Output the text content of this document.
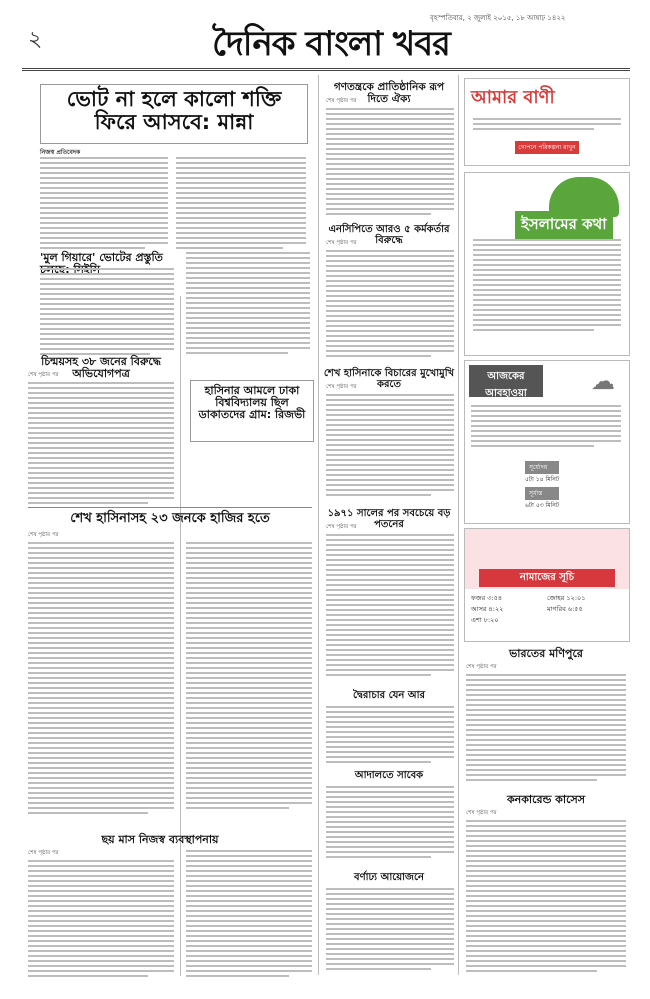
২
বৃহস্পতিবার, ২ জুলাই ২০১৫, ১৮ আষাঢ় ১৪২২
দৈনিক বাংলা খবর
ভোট না হলে কালো শক্তি
ফিরে আসবে: মান্না
নিজস্ব প্রতিবেদক
'মুল গিয়ারে' ভোটের প্রস্তুতি
হাসিনার আমলে ঢাকা বিশ্ববিদ্যালয় ছিল ডাকাতদের গ্রাম: রিজভী
চিন্ময়সহ ৩৮ জনের বিরুদ্ধে অভিযোগপত্র
শেষ পৃষ্ঠার পর
শেখ হাসিনাসহ ২৩ জনকে হাজির হতে
শেষ পৃষ্ঠার পর
ছয় মাস নিজস্ব ব্যবস্থাপনায়
শেষ পৃষ্ঠার পর
গণতন্ত্রকে প্রাতিষ্ঠানিক রূপ দিতে ঐক্য
শেষ পৃষ্ঠার পর
এনসিপিতে আরও ৫ কর্মকর্তার বিরুদ্ধে
শেষ পৃষ্ঠার পর
শেখ হাসিনাকে বিচারের মুখোমুখি করতে
শেষ পৃষ্ঠার পর
১৯৭১ সালের পর সবচেয়ে বড় পতনের
শেষ পৃষ্ঠার পর
দ্বৈরাচার যেন আর
আদালতে সাবেক
বর্ণাঢ্য আয়োজনে
আমার বাণী
গোপনে পরিকল্পনা রাখুন
ইসলামের কথা
আজকের আবহাওয়া	☁
সূর্যোদয়
৫টা ১৪ মিনিট
সূর্যাস্ত
৬টা ৫৩ মিনিট
নামাজের সূচি
ফজর ৩:৫৪	জোহর ১২:০১
আসর ৪:২২	মাগরিব ৬:৫৫
এশা ৮:২০
ভারতের মণিপুরে
শেষ পৃষ্ঠার পর
কনকারেন্ড কাসেস
শেষ পৃষ্ঠার পর
